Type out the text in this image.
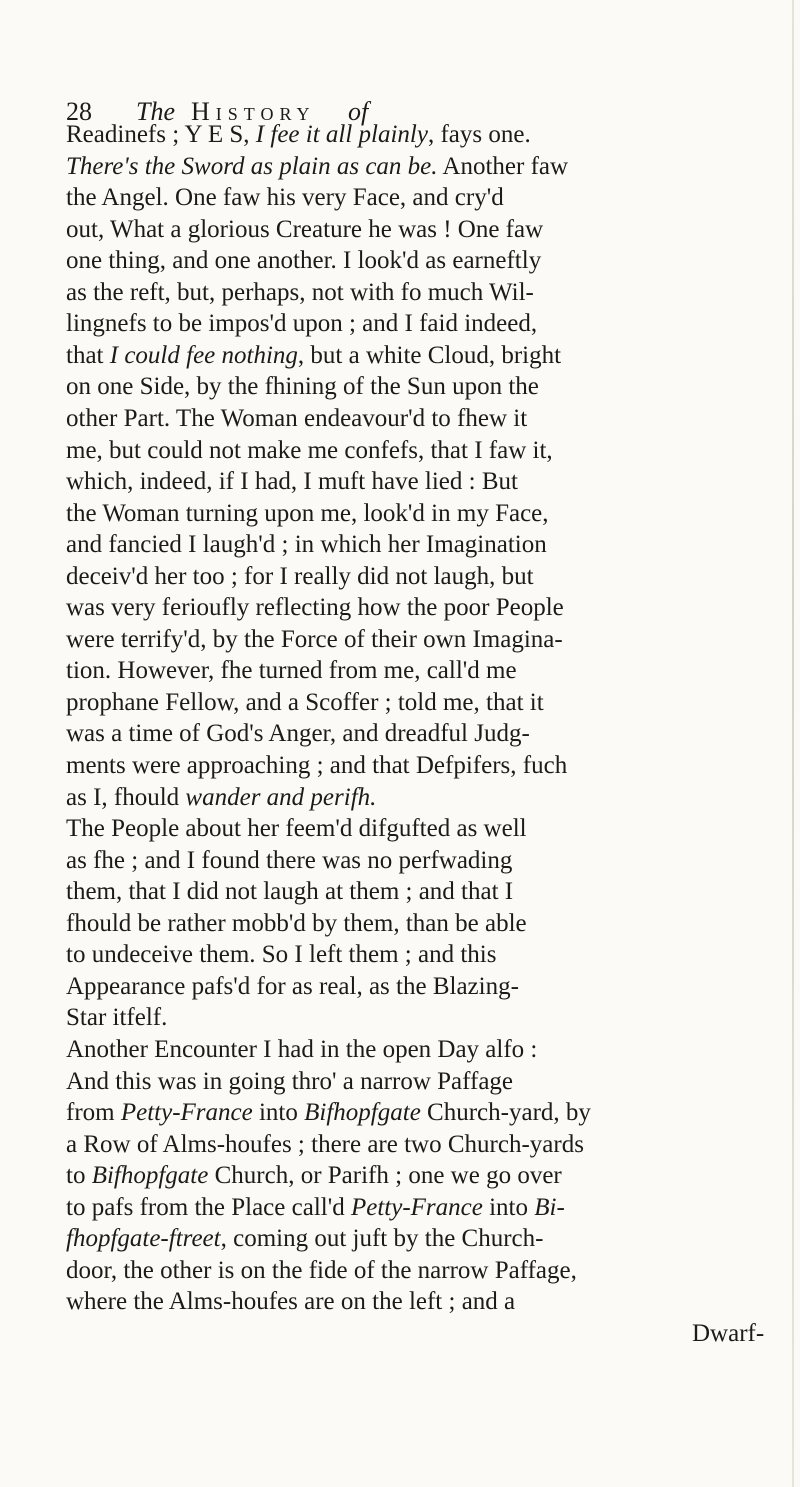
28 The History of
Readinefs ; Y E S, I fee it all plainly, fays one.
There's the Sword as plain as can be. Another faw
the Angel. One faw his very Face, and cry'd
out, What a glorious Creature he was ! One faw
one thing, and one another. I look'd as earneftly
as the reft, but, perhaps, not with fo much Wil-
lingnefs to be impos'd upon ; and I faid indeed,
that I could fee nothing, but a white Cloud, bright
on one Side, by the fhining of the Sun upon the
other Part. The Woman endeavour'd to fhew it
me, but could not make me confefs, that I faw it,
which, indeed, if I had, I muft have lied : But
the Woman turning upon me, look'd in my Face,
and fancied I laugh'd ; in which her Imagination
deceiv'd her too ; for I really did not laugh, but
was very ferioufly reflecting how the poor People
were terrify'd, by the Force of their own Imagina-
tion. However, fhe turned from me, call'd me
prophane Fellow, and a Scoffer ; told me, that it
was a time of God's Anger, and dreadful Judg-
ments were approaching ; and that Defpifers, fuch
as I, fhould wander and perifh.
The People about her feem'd difgufted as well
as fhe ; and I found there was no perfwading
them, that I did not laugh at them ; and that I
fhould be rather mobb'd by them, than be able
to undeceive them. So I left them ; and this
Appearance pafs'd for as real, as the Blazing-
Star itfelf.
Another Encounter I had in the open Day alfo :
And this was in going thro' a narrow Paffage
from Petty-France into Bifhopfgate Church-yard, by
a Row of Alms-houfes ; there are two Church-yards
to Bifhopfgate Church, or Parifh ; one we go over
to pafs from the Place call'd Petty-France into Bi-
fhopfgate-ftreet, coming out juft by the Church-
door, the other is on the fide of the narrow Paffage,
where the Alms-houfes are on the left ; and a
Dwarf-
